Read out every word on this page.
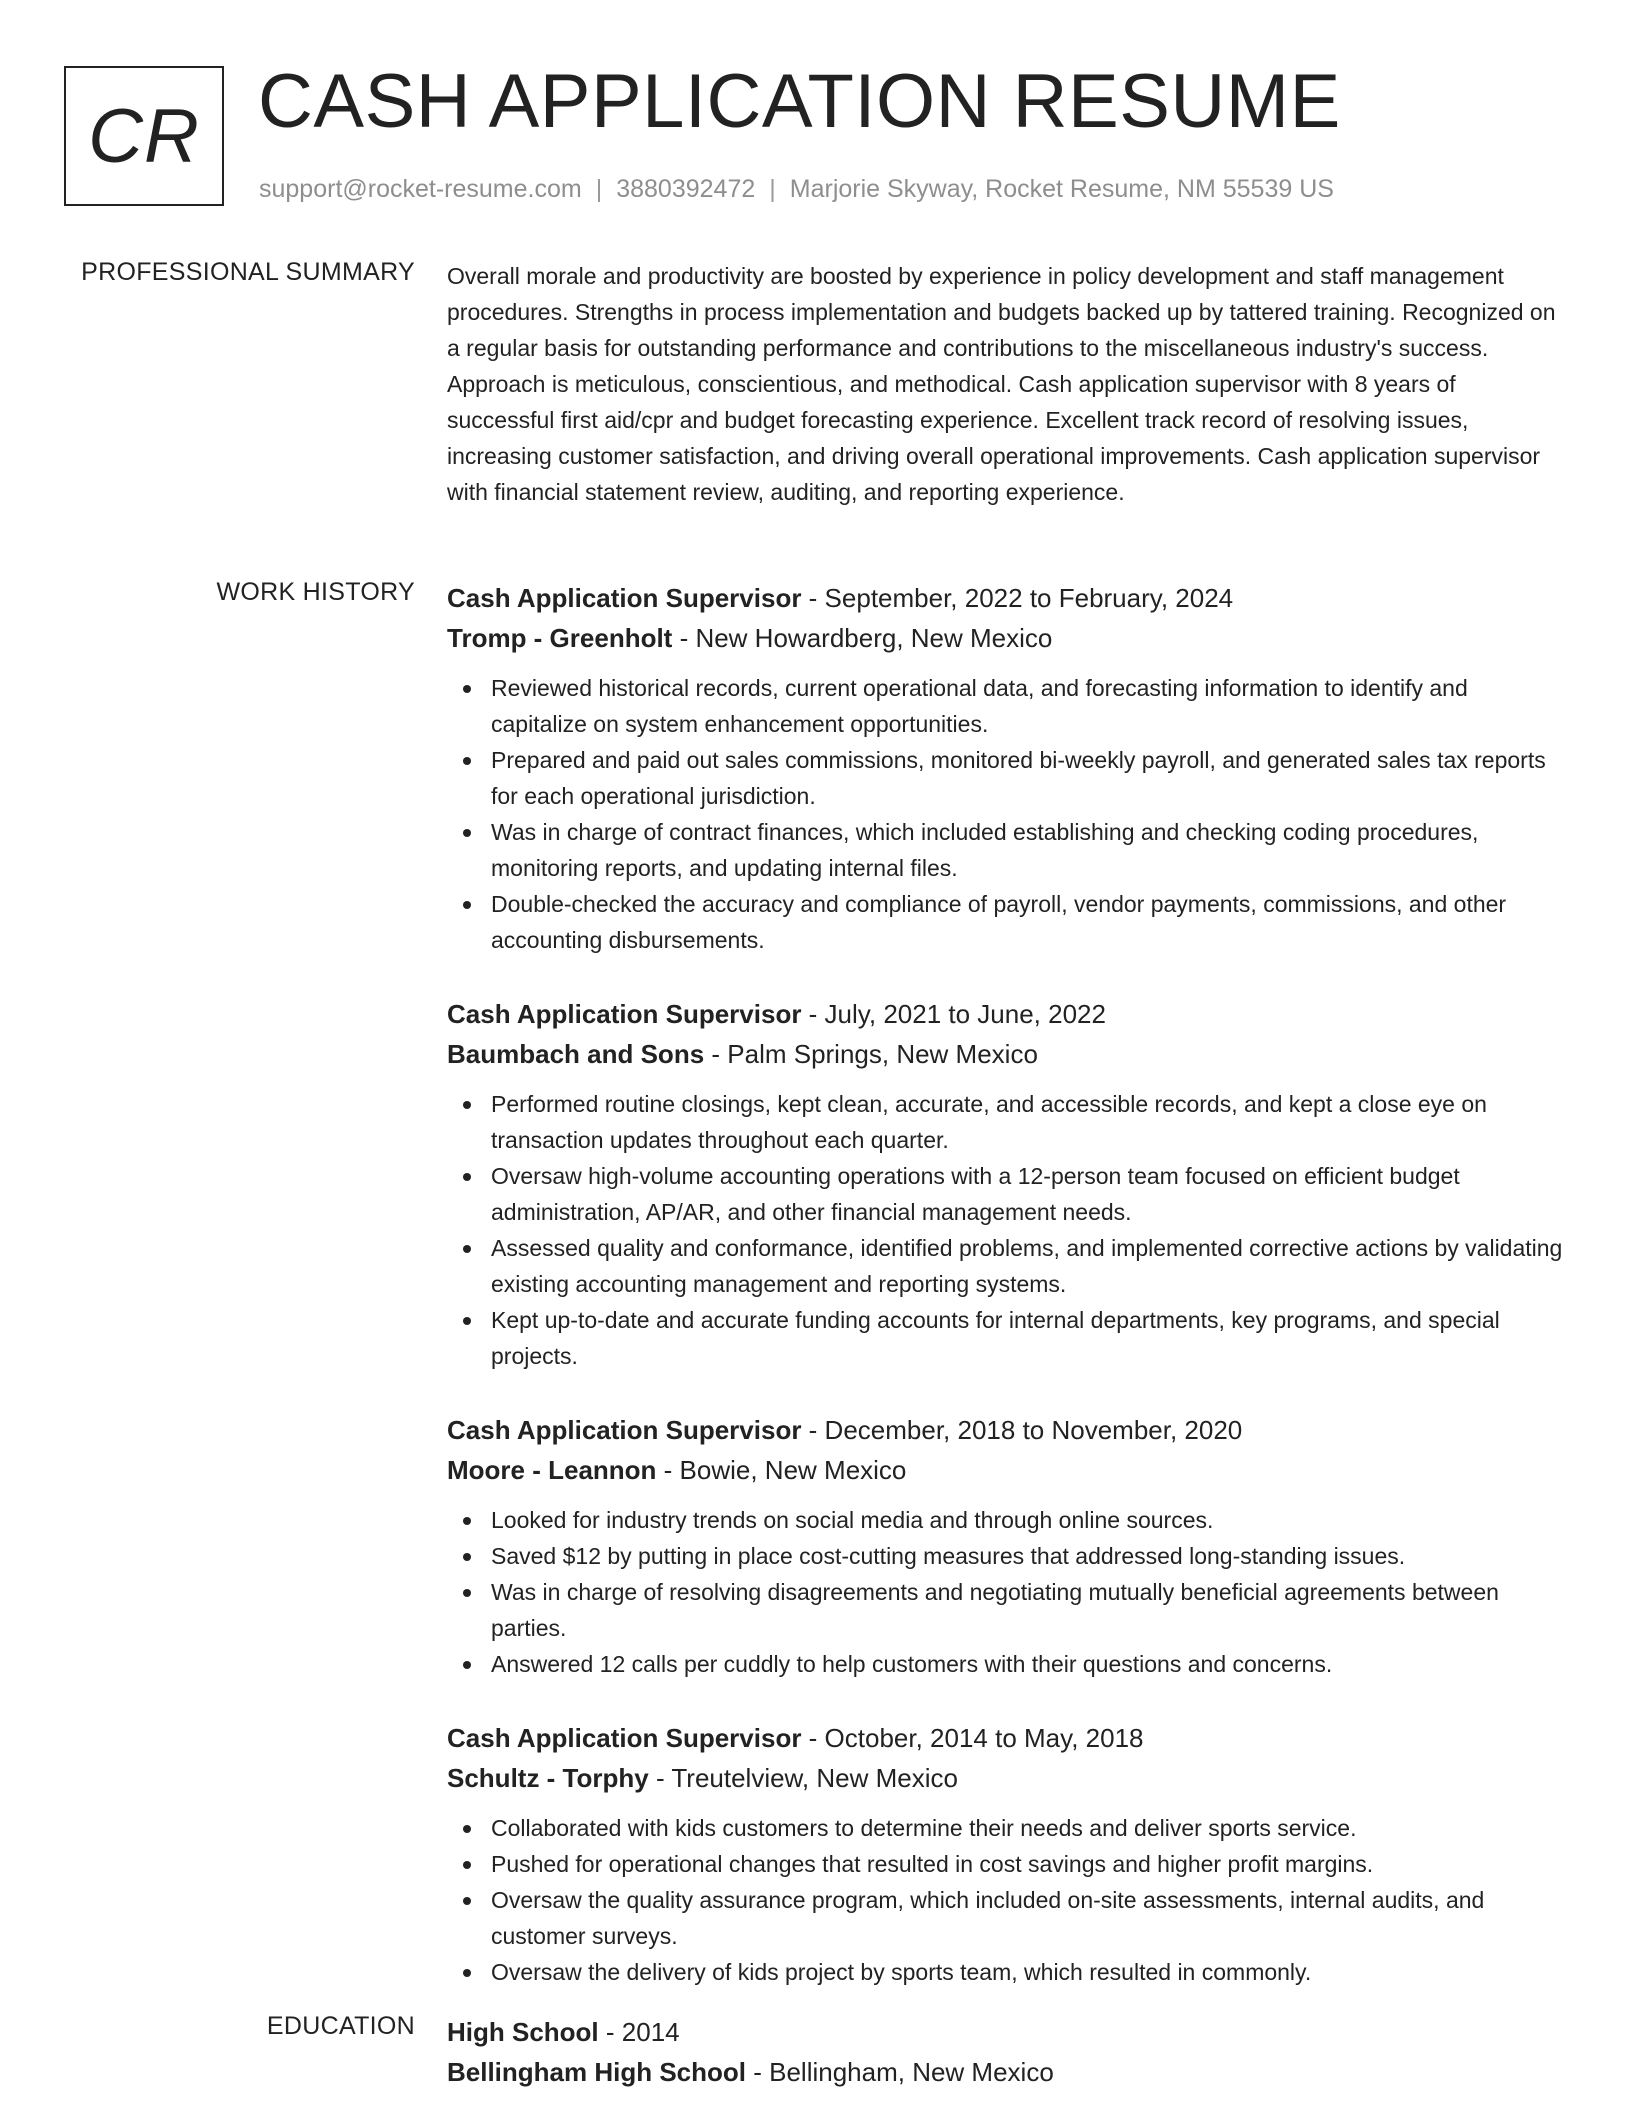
CR CASH APPLICATION RESUME
support@rocket-resume.com | 3880392472 | Marjorie Skyway, Rocket Resume, NM 55539 US
PROFESSIONAL SUMMARY Overall morale and productivity are boosted by experience in policy development and staff management procedures. Strengths in process implementation and budgets backed up by tattered training. Recognized on a regular basis for outstanding performance and contributions to the miscellaneous industry's success. Approach is meticulous, conscientious, and methodical. Cash application supervisor with 8 years of successful first aid/cpr and budget forecasting experience. Excellent track record of resolving issues, increasing customer satisfaction, and driving overall operational improvements. Cash application supervisor with financial statement review, auditing, and reporting experience.

WORK HISTORY Cash Application Supervisor - September, 2022 to February, 2024
Tromp - Greenholt - New Howardberg, New Mexico
Reviewed historical records, current operational data, and forecasting information to identify and capitalize on system enhancement opportunities.
Prepared and paid out sales commissions, monitored bi-weekly payroll, and generated sales tax reports for each operational jurisdiction.
Was in charge of contract finances, which included establishing and checking coding procedures, monitoring reports, and updating internal files.
Double-checked the accuracy and compliance of payroll, vendor payments, commissions, and other accounting disbursements.
Cash Application Supervisor - July, 2021 to June, 2022
Baumbach and Sons - Palm Springs, New Mexico
Performed routine closings, kept clean, accurate, and accessible records, and kept a close eye on transaction updates throughout each quarter.
Oversaw high-volume accounting operations with a 12-person team focused on efficient budget administration, AP/AR, and other financial management needs.
Assessed quality and conformance, identified problems, and implemented corrective actions by validating existing accounting management and reporting systems.
Kept up-to-date and accurate funding accounts for internal departments, key programs, and special projects.
Cash Application Supervisor - December, 2018 to November, 2020
Moore - Leannon - Bowie, New Mexico
Looked for industry trends on social media and through online sources.
Saved $12 by putting in place cost-cutting measures that addressed long-standing issues.
Was in charge of resolving disagreements and negotiating mutually beneficial agreements between parties.
Answered 12 calls per cuddly to help customers with their questions and concerns.
Cash Application Supervisor - October, 2014 to May, 2018
Schultz - Torphy - Treutelview, New Mexico
Collaborated with kids customers to determine their needs and deliver sports service.
Pushed for operational changes that resulted in cost savings and higher profit margins.
Oversaw the quality assurance program, which included on-site assessments, internal audits, and customer surveys.
Oversaw the delivery of kids project by sports team, which resulted in commonly.
EDUCATION High School - 2014
Bellingham High School - Bellingham, New Mexico
